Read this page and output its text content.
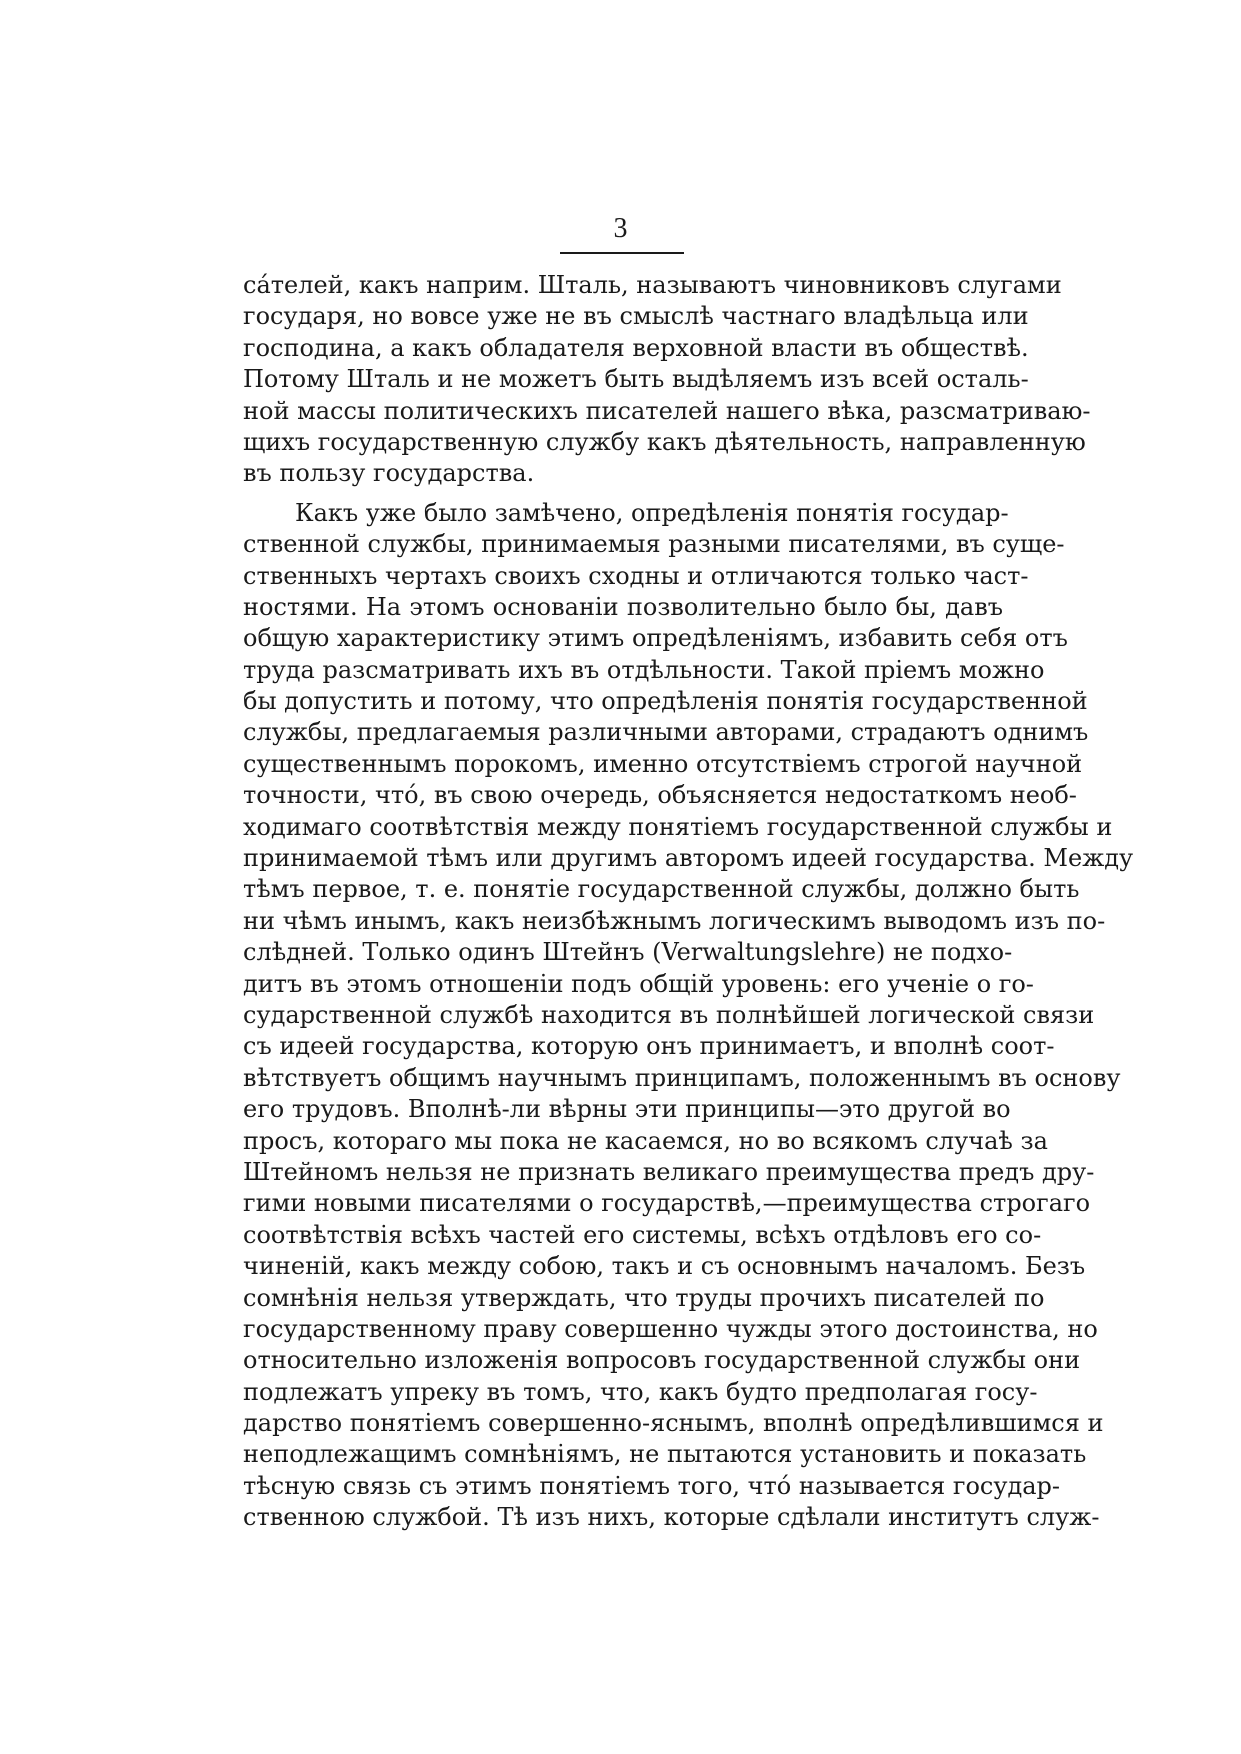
3
са́телей, какъ наприм. Шталь, называютъ чиновниковъ слугами
государя, но вовсе уже не въ смыслѣ частнаго владѣльца или
господина, а какъ обладателя верховной власти въ обществѣ.
Потому Шталь и не можетъ быть выдѣляемъ изъ всей осталь-
ной массы политическихъ писателей нашего вѣка, разсматриваю-
щихъ государственную службу какъ дѣятельность, направленную
въ пользу государства.
Какъ уже было замѣчено, опредѣленія понятія государ-
ственной службы, принимаемыя разными писателями, въ суще-
ственныхъ чертахъ своихъ сходны и отличаются только част-
ностями. На этомъ основаніи позволительно было бы, давъ
общую характеристику этимъ опредѣленіямъ, избавить себя отъ
труда разсматривать ихъ въ отдѣльности. Такой пріемъ можно
бы допустить и потому, что опредѣленія понятія государственной
службы, предлагаемыя различными авторами, страдаютъ однимъ
существеннымъ порокомъ, именно отсутствіемъ строгой научной
точности, что́, въ свою очередь, объясняется недостаткомъ необ-
ходимаго соотвѣтствія между понятіемъ государственной службы и
принимаемой тѣмъ или другимъ авторомъ идеей государства. Между
тѣмъ первое, т. е. понятіе государственной службы, должно быть
ни чѣмъ инымъ, какъ неизбѣжнымъ логическимъ выводомъ изъ по-
слѣдней. Только одинъ Штейнъ (Verwaltungslehre) не подхо-
дитъ въ этомъ отношеніи подъ общій уровень: его ученіе о го-
сударственной службѣ находится въ полнѣйшей логической связи
съ идеей государства, которую онъ принимаетъ, и вполнѣ соот-
вѣтствуетъ общимъ научнымъ принципамъ, положеннымъ въ основу
его трудовъ. Вполнѣ-ли вѣрны эти принципы—это другой во
просъ, котораго мы пока не касаемся, но во всякомъ случаѣ за
Штейномъ нельзя не признать великаго преимущества предъ дру-
гими новыми писателями о государствѣ,—преимущества строгаго
соотвѣтствія всѣхъ частей его системы, всѣхъ отдѣловъ его со-
чиненій, какъ между собою, такъ и съ основнымъ началомъ. Безъ
сомнѣнія нельзя утверждать, что труды прочихъ писателей по
государственному праву совершенно чужды этого достоинства, но
относительно изложенія вопросовъ государственной службы они
подлежатъ упреку въ томъ, что, какъ будто предполагая госу-
дарство понятіемъ совершенно-яснымъ, вполнѣ опредѣлившимся и
неподлежащимъ сомнѣніямъ, не пытаются установить и показать
тѣсную связь съ этимъ понятіемъ того, что́ называется государ-
ственною службой. Тѣ изъ нихъ, которые сдѣлали институтъ служ-
